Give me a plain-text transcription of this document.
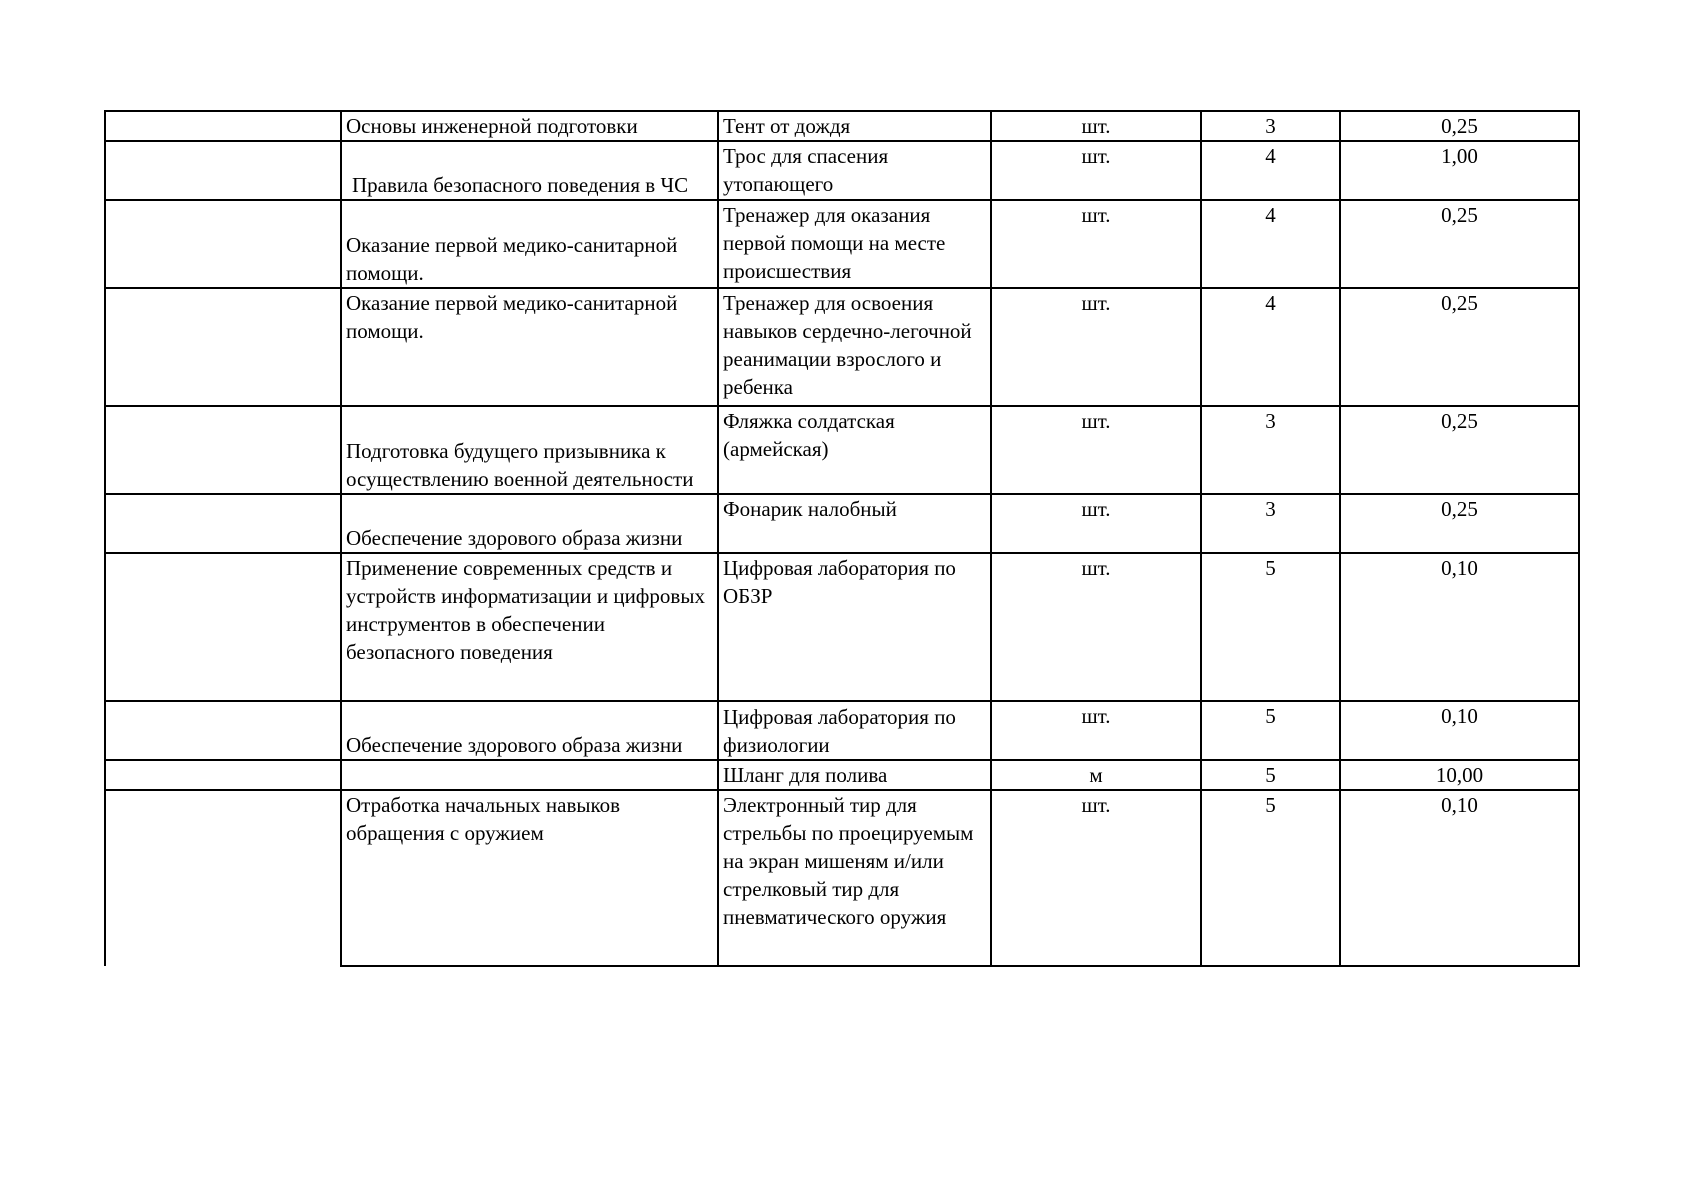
	Основы инженерной подготовки	Тент от дождя	шт.	3	0,25
	Правила безопасного поведения в ЧС	Трос для спасения утопающего	шт.	4	1,00
	Оказание первой медико-санитарной помощи.	Тренажер для оказания первой помощи на месте происшествия	шт.	4	0,25
	Оказание первой медико-санитарной помощи.	Тренажер для освоения навыков сердечно-легочной реанимации взрослого и ребенка	шт.	4	0,25
	Подготовка будущего призывника к осуществлению военной деятельности	Фляжка солдатская (армейская)	шт.	3	0,25
	Обеспечение здорового образа жизни	Фонарик налобный	шт.	3	0,25
	Применение современных средств и устройств информатизации и цифровых инструментов в обеспечении безопасного поведения	Цифровая лаборатория по ОБЗР	шт.	5	0,10
	Обеспечение здорового образа жизни	Цифровая лаборатория по физиологии	шт.	5	0,10
		Шланг для полива	м	5	10,00
	Отработка начальных навыков обращения с оружием	Электронный тир для стрельбы по проецируемым на экран мишеням и/или стрелковый тир для пневматического оружия	шт.	5	0,10
